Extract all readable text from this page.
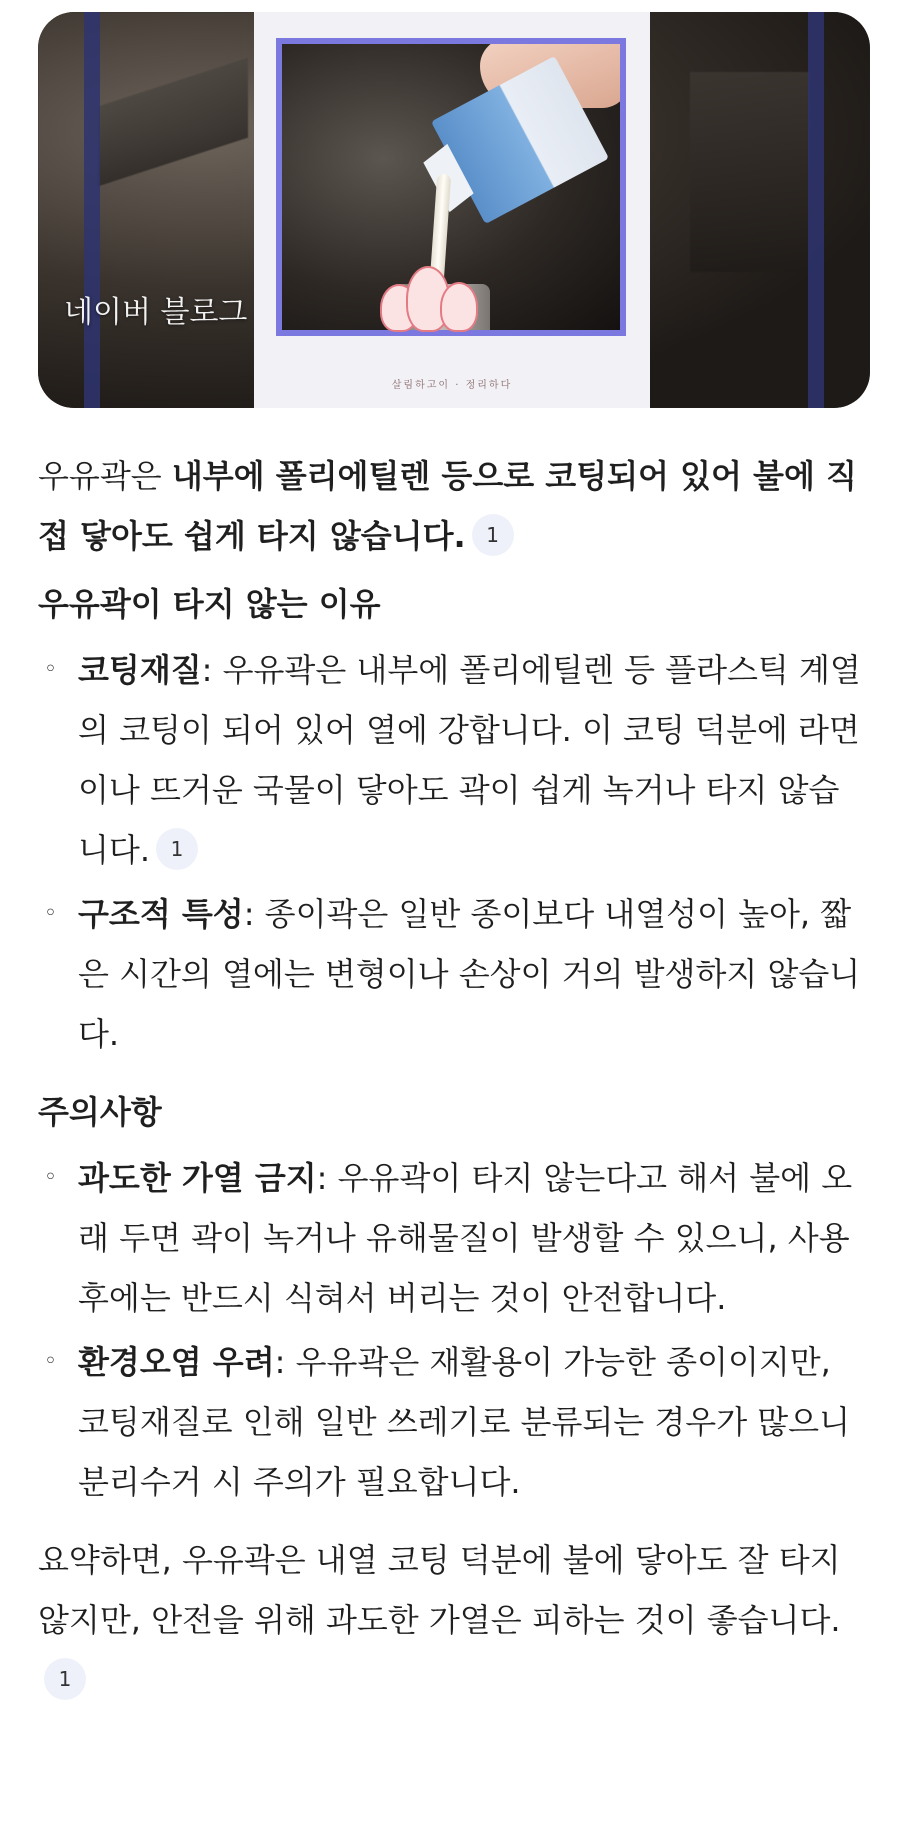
살림하고이 · 정리하다
네이버 블로그

우유곽은 내부에 폴리에틸렌 등으로 코팅되어 있어 불에 직접 닿아도 쉽게 타지 않습니다. 1

우유곽이 타지 않는 이유
◦ 코팅재질: 우유곽은 내부에 폴리에틸렌 등 플라스틱 계열의 코팅이 되어 있어 열에 강합니다. 이 코팅 덕분에 라면이나 뜨거운 국물이 닿아도 곽이 쉽게 녹거나 타지 않습니다. 1
◦ 구조적 특성: 종이곽은 일반 종이보다 내열성이 높아, 짧은 시간의 열에는 변형이나 손상이 거의 발생하지 않습니다.
주의사항
◦ 과도한 가열 금지: 우유곽이 타지 않는다고 해서 불에 오래 두면 곽이 녹거나 유해물질이 발생할 수 있으니, 사용 후에는 반드시 식혀서 버리는 것이 안전합니다.
◦ 환경오염 우려: 우유곽은 재활용이 가능한 종이이지만, 코팅재질로 인해 일반 쓰레기로 분류되는 경우가 많으니 분리수거 시 주의가 필요합니다.

요약하면, 우유곽은 내열 코팅 덕분에 불에 닿아도 잘 타지 않지만, 안전을 위해 과도한 가열은 피하는 것이 좋습니다.1
